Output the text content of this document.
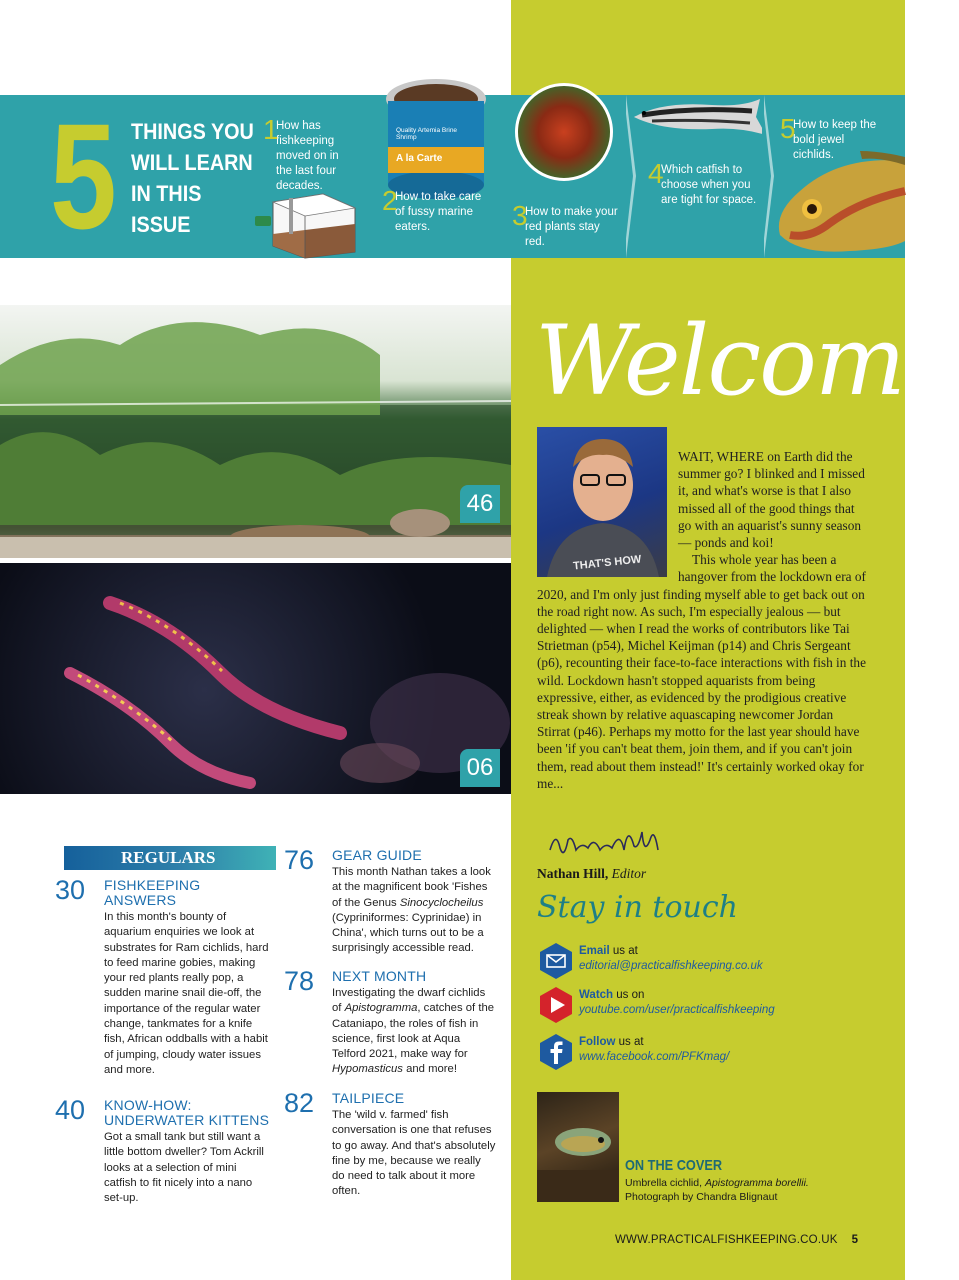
5 THINGS YOU WILL LEARN IN THIS ISSUE
1
How has fishkeeping moved on in the last four decades.
Quality Artemia Brine Shrimp
A la Carte
2
How to take care of fussy marine eaters.	3
How to make your red plants stay red.
4
Which catfish to choose when you are tight for space.
5
How to keep the bold jewel cichlids.
46
06
Welcome
THAT'S HOW

WAIT, WHERE on Earth did the summer go? I blinked and I missed it, and what's worse is that I also missed all of the good things that go with an aquarist's sunny season — ponds and koi!

This whole year has been a hangover from the lockdown era of 2020, and I'm only just finding myself able to get back out on the road right now. As such, I'm especially jealous — but delighted — when I read the works of contributors like Tai Strietman (p54), Michel Keijman (p14) and Chris Sergeant (p6), recounting their face-to-face interactions with fish in the wild. Lockdown hasn't stopped aquarists from being expressive, either, as evidenced by the prodigious creative streak shown by relative aquascaping newcomer Jordan Stirrat (p46). Perhaps my motto for the last year should have been 'if you can't beat them, join them, and if you can't join them, read about them instead!' It's certainly worked okay for me...

Nathan Hill, Editor
Stay in touch
Email us at
editorial@practicalfishkeeping.co.uk
Watch us on
youtube.com/user/practicalfishkeeping
Follow us at
www.facebook.com/PFKmag/
ON THE COVER
Umbrella cichlid, Apistogramma borellii.
Photograph by Chandra Blignaut
WWW.PRACTICALFISHKEEPING.CO.UK 5
REGULARS
30 FISHKEEPING ANSWERS
In this month's bounty of aquarium enquiries we look at substrates for Ram cichlids, hard to feed marine gobies, making your red plants really pop, a sudden marine snail die-off, the importance of the regular water change, tankmates for a knife fish, African oddballs with a habit of jumping, cloudy water issues and more.
40 KNOW-HOW: UNDERWATER KITTENS
Got a small tank but still want a little bottom dweller? Tom Ackrill looks at a selection of mini catfish to fit nicely into a nano set-up.
76 GEAR GUIDE
This month Nathan takes a look at the magnificent book 'Fishes of the Genus Sinocyclocheilus (Cypriniformes: Cyprinidae) in China', which turns out to be a surprisingly accessible read.
78 NEXT MONTH
Investigating the dwarf cichlids of Apistogramma, catches of the Cataniapo, the roles of fish in science, first look at Aqua Telford 2021, make way for Hypomasticus and more!
82 TAILPIECE
The 'wild v. farmed' fish conversation is one that refuses to go away. And that's absolutely fine by me, because we really do need to talk about it more often.
